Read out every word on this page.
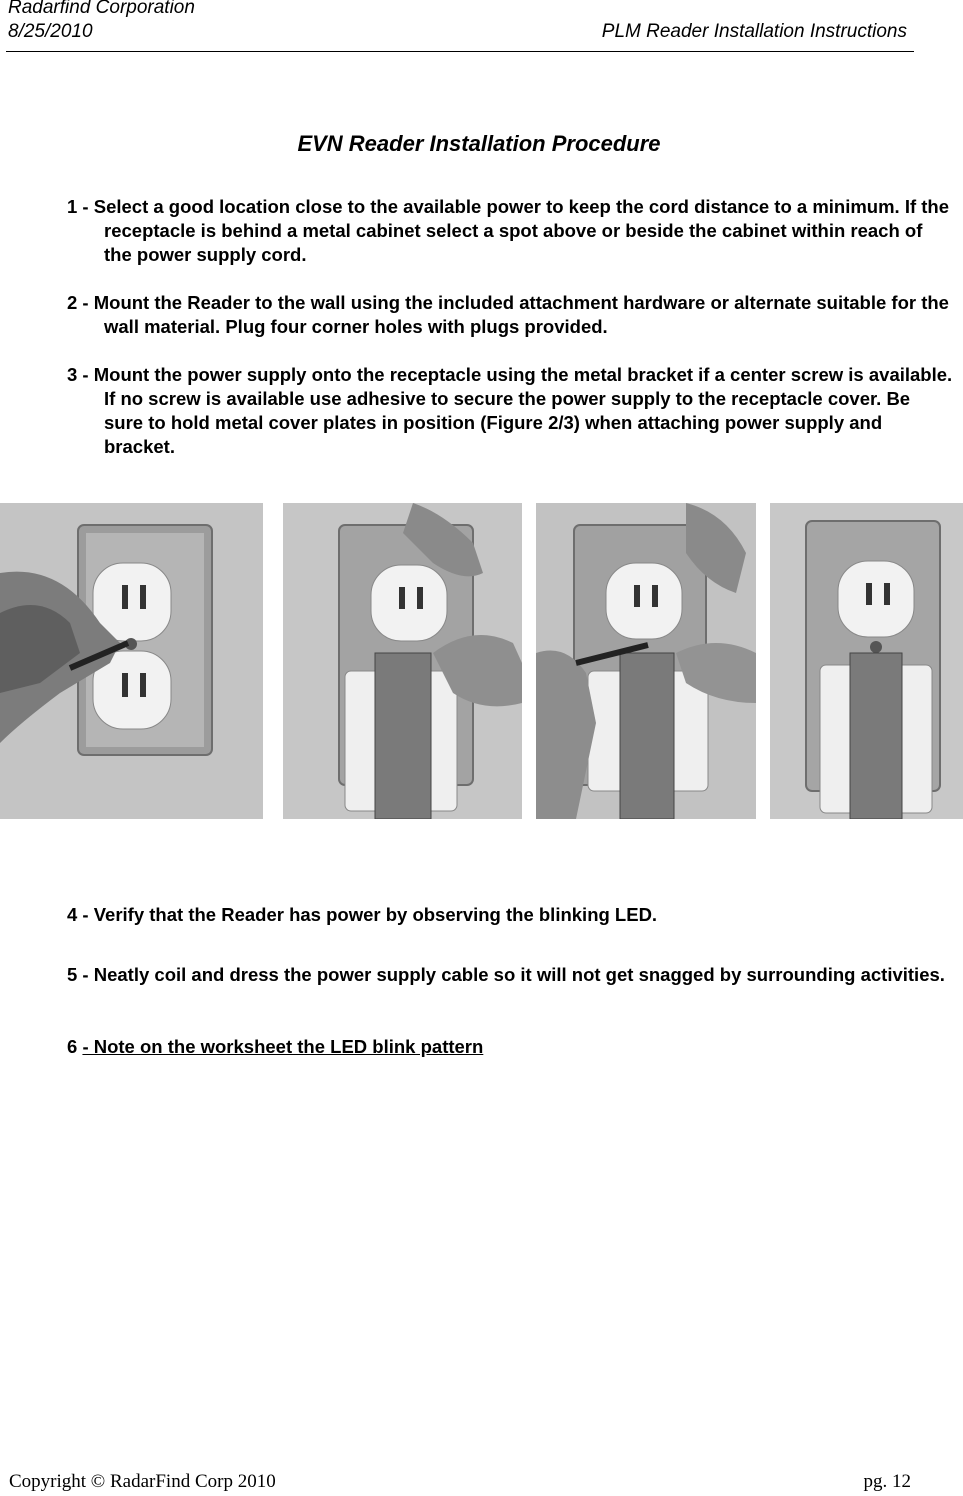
Radarfind Corporation
8/25/2010	PLM Reader Installation Instructions
EVN Reader Installation Procedure
1 - Select a good location close to the available power to keep the cord distance to a minimum. If the receptacle is behind a metal cabinet select a spot above or beside the cabinet within reach of the power supply cord.
2 - Mount the Reader to the wall using the included attachment hardware or alternate suitable for the wall material. Plug four corner holes with plugs provided.
3 - Mount the power supply onto the receptacle using the metal bracket if a center screw is available. If no screw is available use adhesive to secure the power supply to the receptacle cover. Be sure to hold metal cover plates in position (Figure 2/3) when attaching power supply and bracket.
4 - Verify that the Reader has power by observing the blinking LED.
5 - Neatly coil and dress the power supply cable so it will not get snagged by surrounding activities.
6 - Note on the worksheet the LED blink pattern
Copyright © RadarFind Corp 2010	pg. 12
